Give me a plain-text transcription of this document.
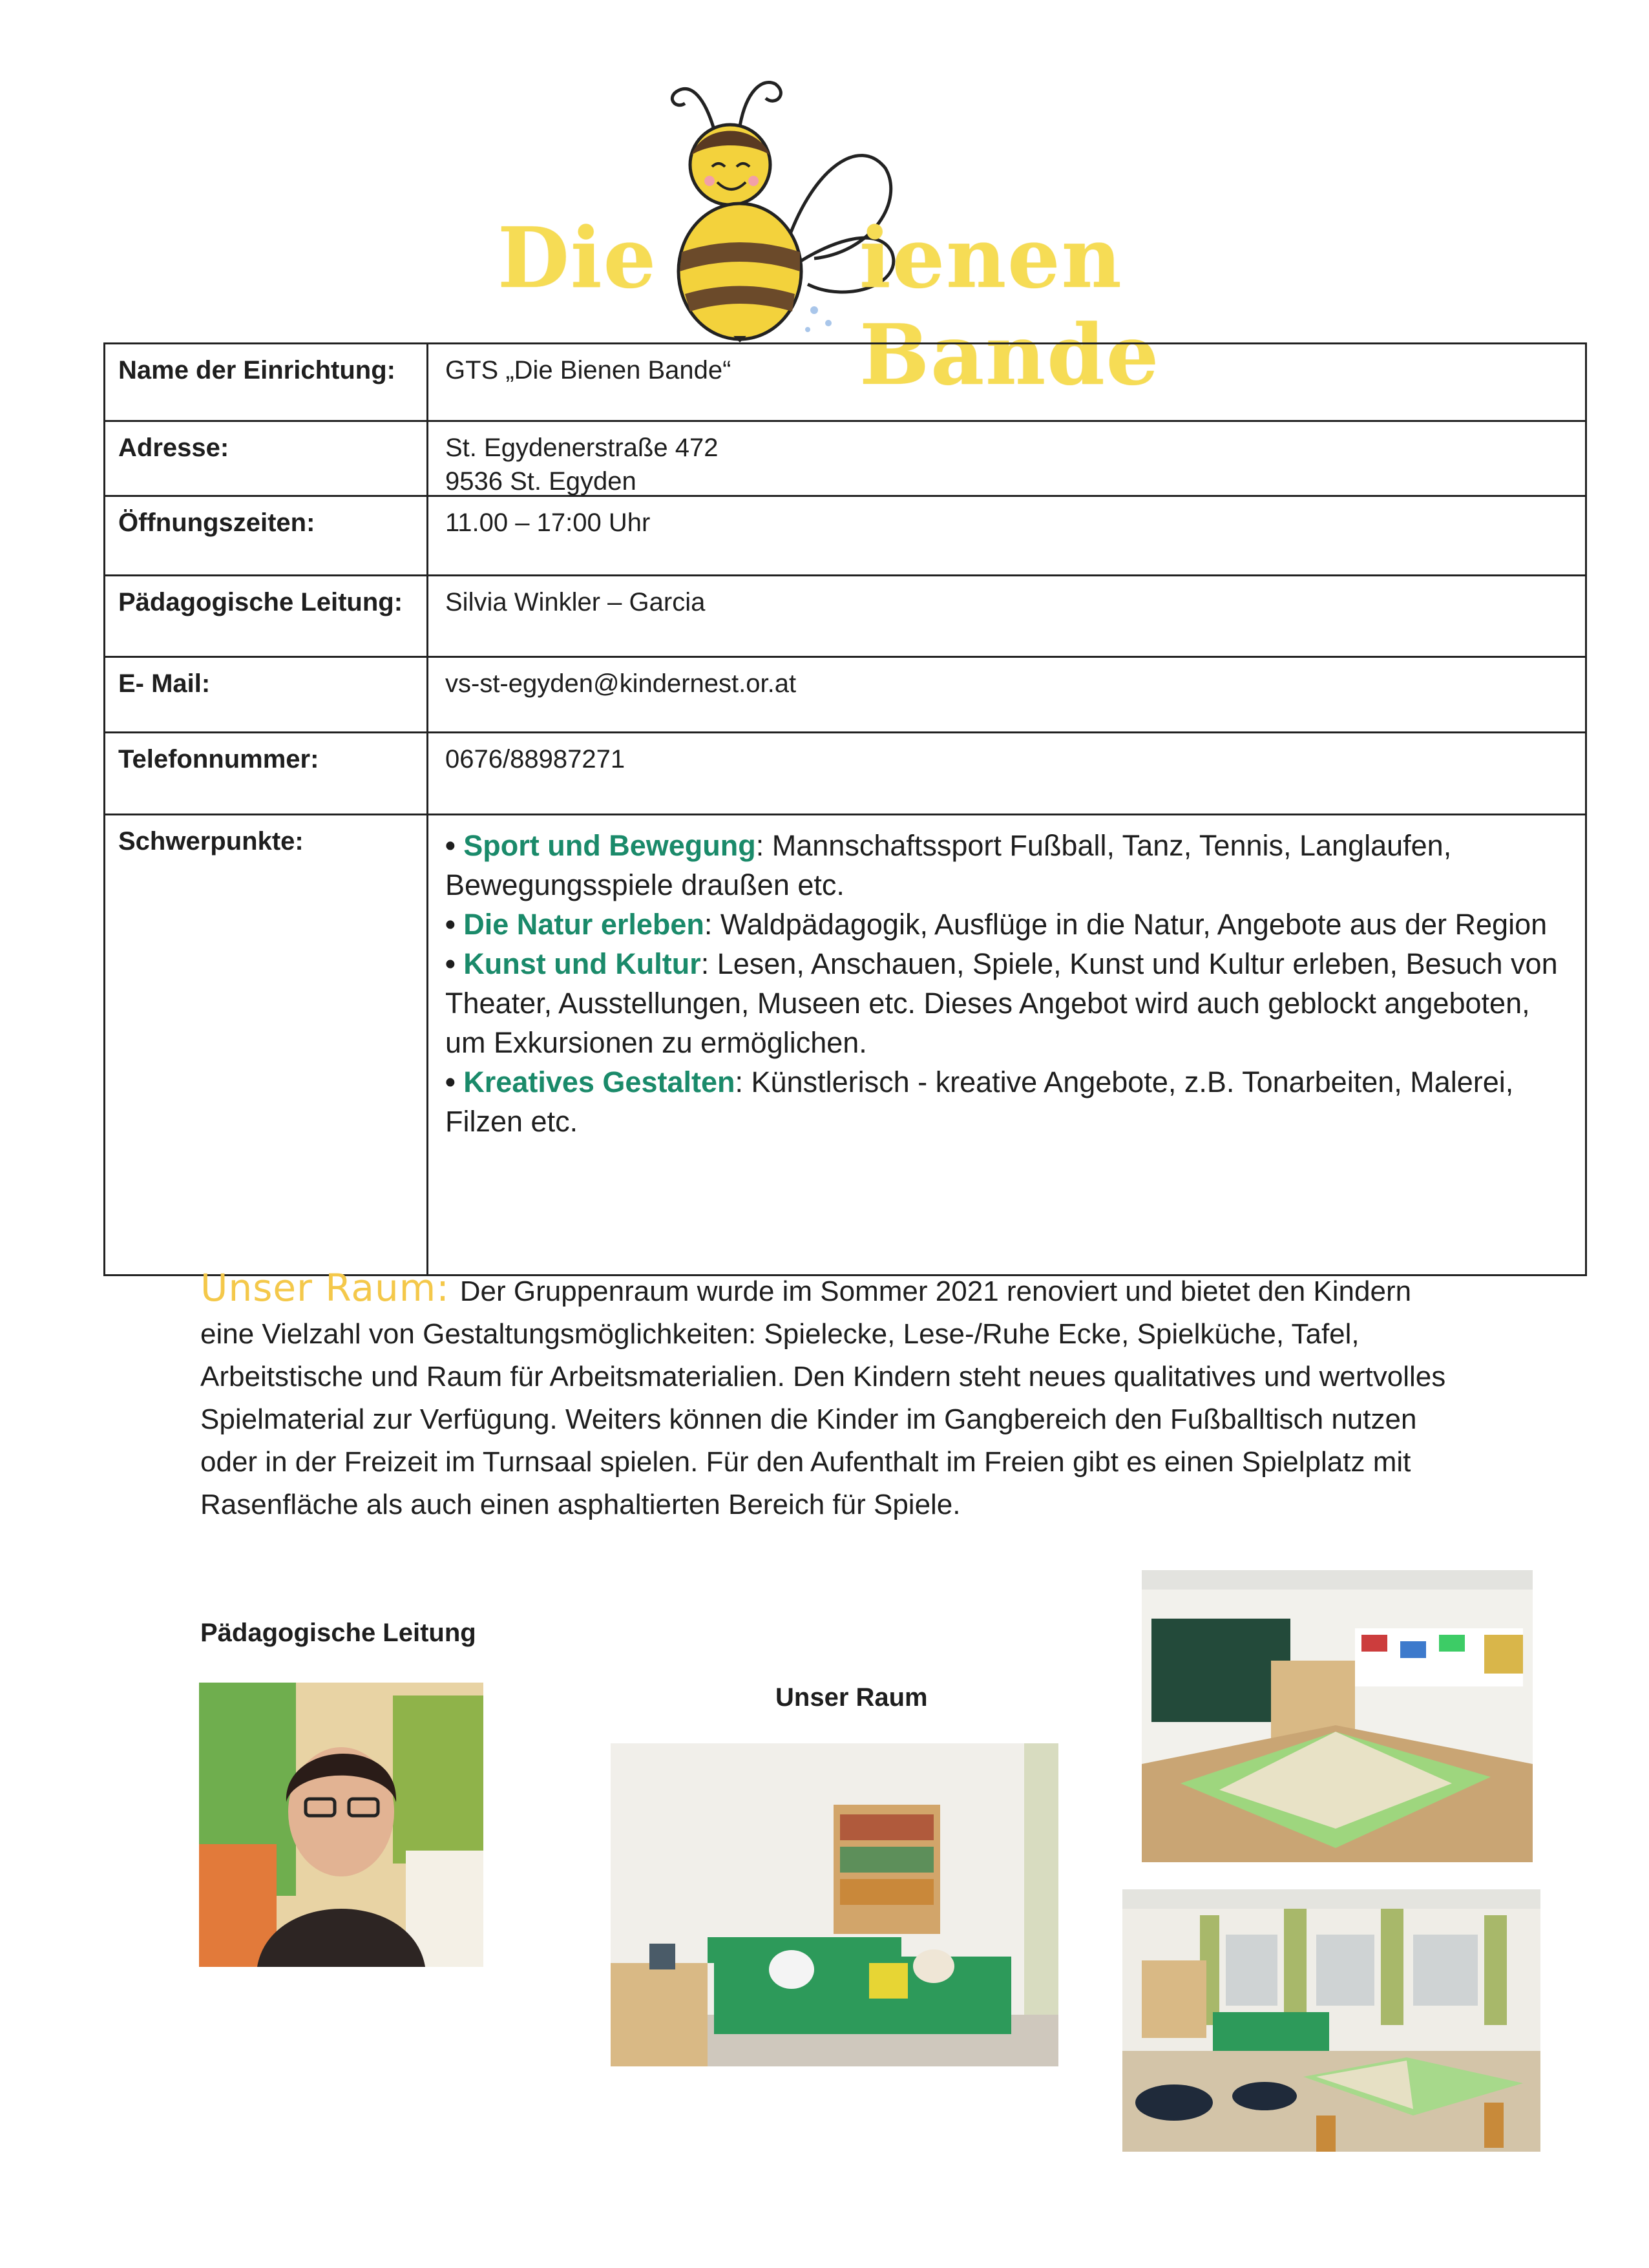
Die ienen Bande
Name der Einrichtung:	GTS „Die Bienen Bande“
Adresse:	St. Egydenerstraße 472
9536 St. Egyden
Öffnungszeiten:	11.00 – 17:00 Uhr
Pädagogische Leitung:	Silvia Winkler – Garcia
E- Mail:	vs-st-egyden@kindernest.or.at
Telefonnummer:	0676/88987271
Schwerpunkte:	• Sport und Bewegung: Mannschaftssport Fußball, Tanz, Tennis, Langlaufen, Bewegungsspiele draußen etc.
• Die Natur erleben: Waldpädagogik, Ausflüge in die Natur, Angebote aus der Region
• Kunst und Kultur: Lesen, Anschauen, Spiele, Kunst und Kultur erleben, Besuch von Theater, Ausstellungen, Museen etc. Dieses Angebot wird auch geblockt angeboten, um Exkursionen zu ermöglichen.
• Kreatives Gestalten: Künstlerisch - kreative Angebote, z.B. Tonarbeiten, Malerei, Filzen etc.
Unser Raum: Der Gruppenraum wurde im Sommer 2021 renoviert und bietet den Kindern eine Vielzahl von Gestaltungsmöglichkeiten: Spielecke, Lese-/Ruhe Ecke, Spielküche, Tafel, Arbeitstische und Raum für Arbeitsmaterialien. Den Kindern steht neues qualitatives und wertvolles Spielmaterial zur Verfügung. Weiters können die Kinder im Gangbereich den Fußballtisch nutzen oder in der Freizeit im Turnsaal spielen. Für den Aufenthalt im Freien gibt es einen Spielplatz mit Rasenfläche als auch einen asphaltierten Bereich für Spiele.
Pädagogische Leitung
Unser Raum
